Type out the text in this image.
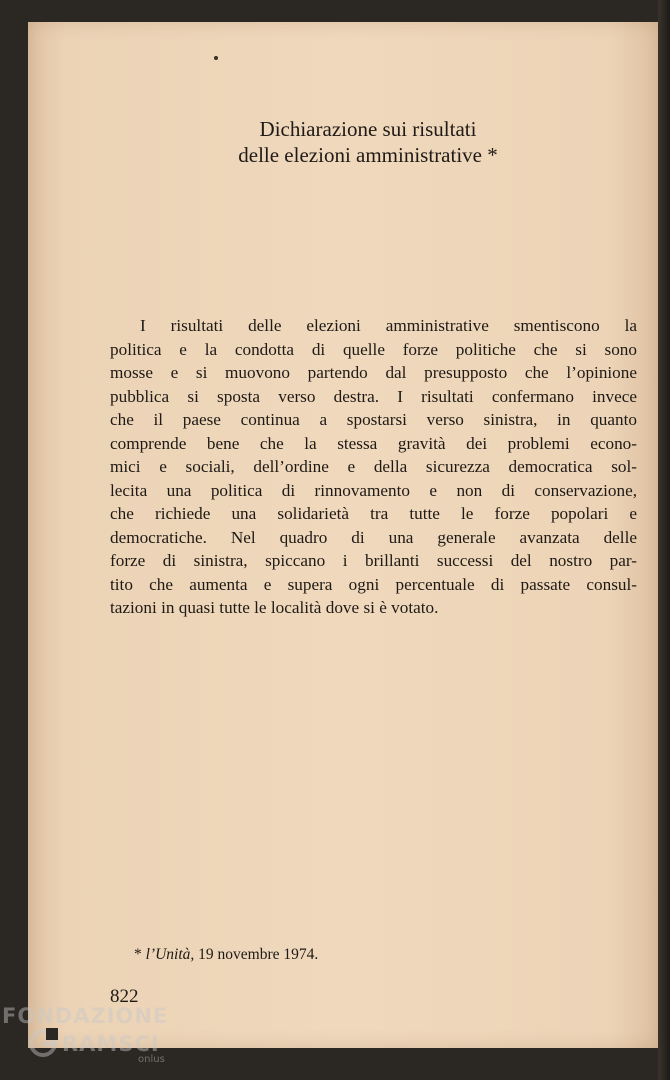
Dichiarazione sui risultati
delle elezioni amministrative *
I risultati delle elezioni amministrative smentiscono la
politica e la condotta di quelle forze politiche che si sono
mosse e si muovono partendo dal presupposto che l’opinione
pubblica si sposta verso destra. I risultati confermano invece
che il paese continua a spostarsi verso sinistra, in quanto
comprende bene che la stessa gravità dei problemi econo-
mici e sociali, dell’ordine e della sicurezza democratica sol-
lecita una politica di rinnovamento e non di conservazione,
che richiede una solidarietà tra tutte le forze popolari e
democratiche. Nel quadro di una generale avanzata delle
forze di sinistra, spiccano i brillanti successi del nostro par-
tito che aumenta e supera ogni percentuale di passate consul-
tazioni in quasi tutte le località dove si è votato.
* l’Unità, 19 novembre 1974.
822
FONDAZIONE
RAMSCI
onlus
